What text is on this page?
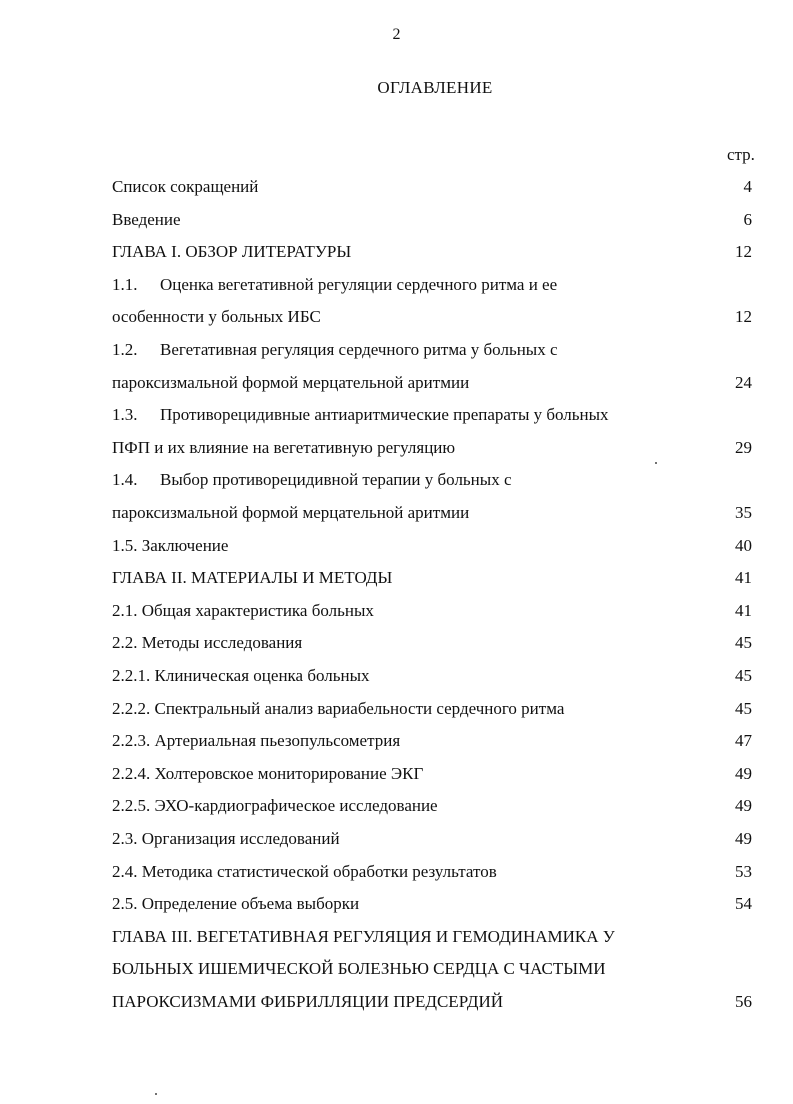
2
ОГЛАВЛЕНИЕ
стр.
Список сокращений	4
Введение	6
ГЛАВА I. ОБЗОР ЛИТЕРАТУРЫ	12
1.1. Оценка вегетативной регуляции сердечного ритма и ее
особенности у больных ИБС	12
1.2. Вегетативная регуляция сердечного ритма у больных с
пароксизмальной формой мерцательной аритмии	24
1.3. Противорецидивные антиаритмические препараты у больных
ПФП и их влияние на вегетативную регуляцию	29
1.4. Выбор противорецидивной терапии у больных с
пароксизмальной формой мерцательной аритмии	35
1.5. Заключение	40
ГЛАВА II. МАТЕРИАЛЫ И МЕТОДЫ	41
2.1. Общая характеристика больных	41
2.2. Методы исследования	45
2.2.1. Клиническая оценка больных	45
2.2.2. Спектральный анализ вариабельности сердечного ритма	45
2.2.3. Артериальная пьезопульсометрия	47
2.2.4. Холтеровское мониторирование ЭКГ	49
2.2.5. ЭХО-кардиографическое исследование	49
2.3. Организация исследований	49
2.4. Методика статистической обработки результатов	53
2.5. Определение объема выборки	54
ГЛАВА III. ВЕГЕТАТИВНАЯ РЕГУЛЯЦИЯ И ГЕМОДИНАМИКА У
БОЛЬНЫХ ИШЕМИЧЕСКОЙ БОЛЕЗНЬЮ СЕРДЦА С ЧАСТЫМИ
ПАРОКСИЗМАМИ ФИБРИЛЛЯЦИИ ПРЕДСЕРДИЙ	56
